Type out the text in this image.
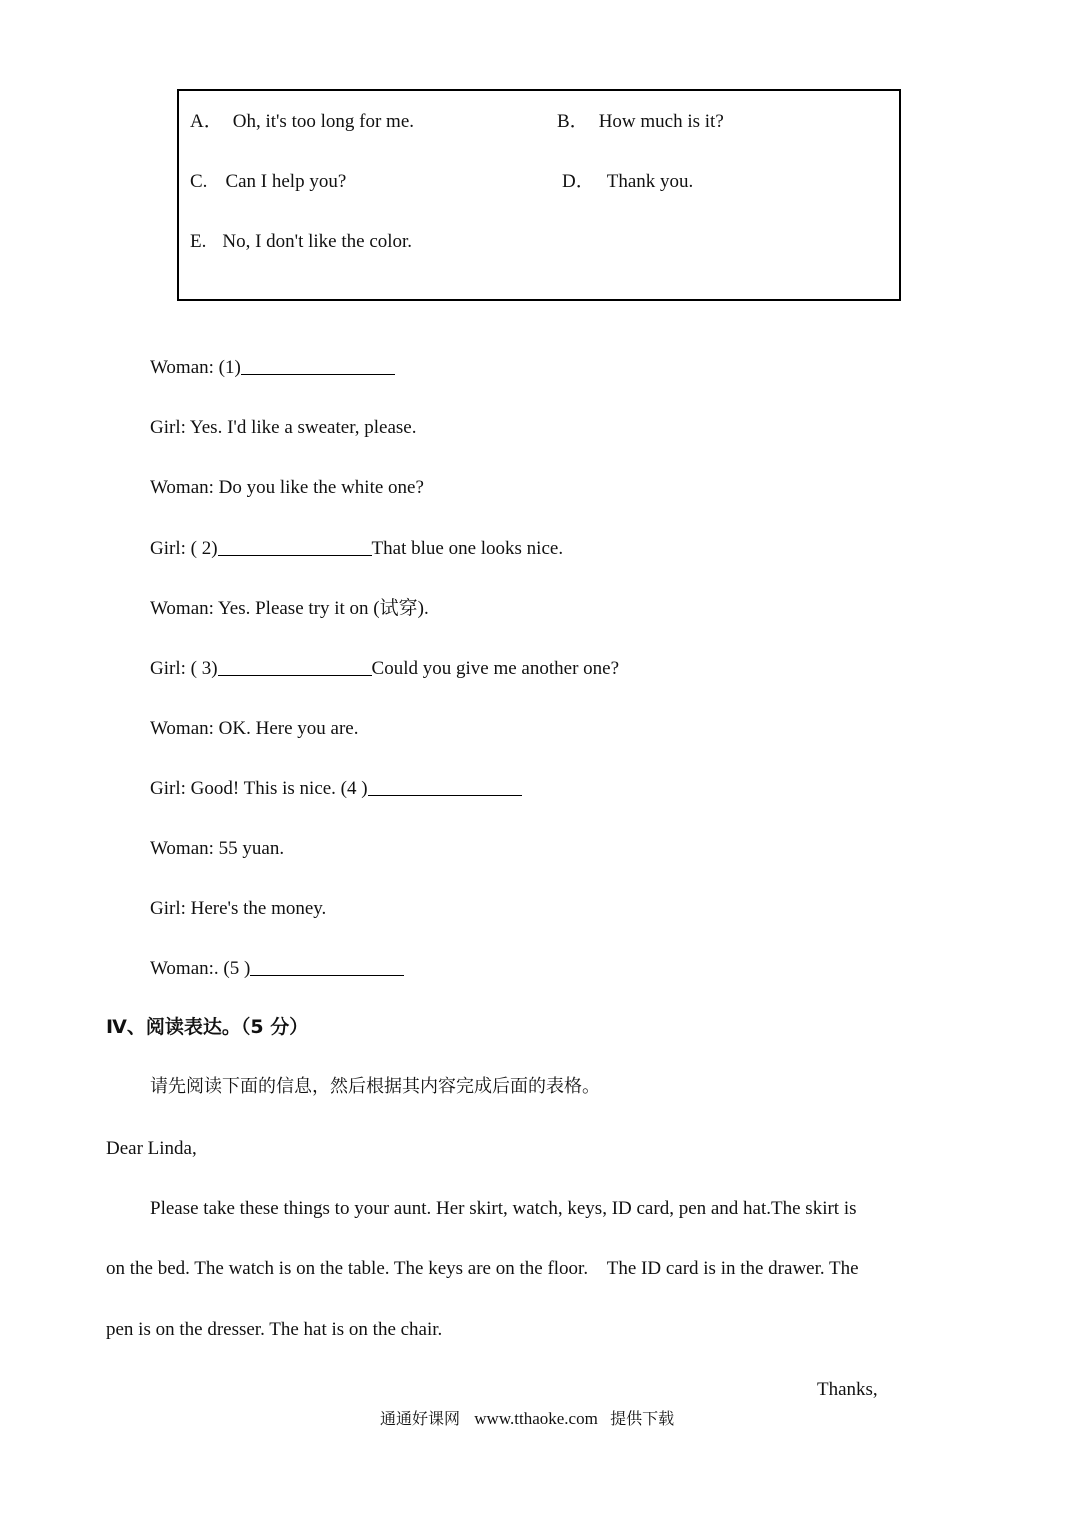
A． Oh, it's too long for me.	B． How much is it?
C. Can I help you?	D． Thank you.
E. No, I don't like the color.
Woman: (1)
Girl: Yes. I'd like a sweater, please.
Woman: Do you like the white one?
Girl: ( 2)	That blue one looks nice.
Woman: Yes. Please try it on (试穿).
Girl: ( 3)	Could you give me another one?
Woman: OK. Here you are.
Girl: Good! This is nice. (4 )
Woman: 55 yuan.
Girl: Here's the money.
Woman:. (5 )
Ⅳ、阅读表达。（5 分）
请先阅读下面的信息，然后根据其内容完成后面的表格。
Dear Linda,
Please take these things to your aunt. Her skirt, watch, keys, ID card, pen and hat.The skirt is
on the bed. The watch is on the table. The keys are on the floor.    The ID card is in the drawer. The
pen is on the dresser. The hat is on the chair.
Thanks,
通通好课网 www.tthaoke.com 提供下载
